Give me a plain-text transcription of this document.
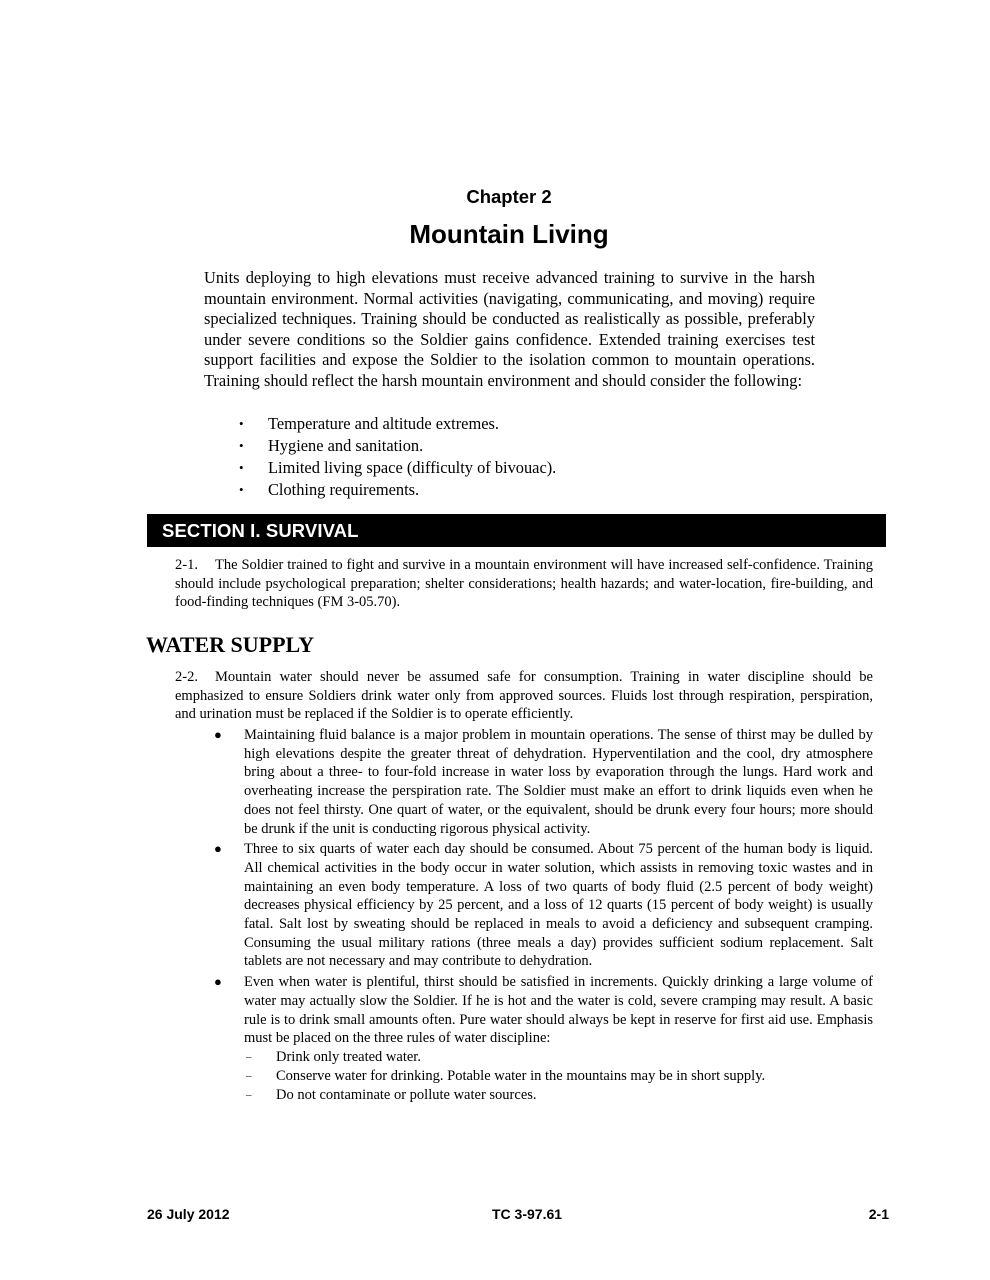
Chapter 2
Mountain Living

Units deploying to high elevations must receive advanced training to survive in the harsh mountain environment. Normal activities (navigating, communicating, and moving) require specialized techniques. Training should be conducted as realistically as possible, preferably under severe conditions so the Soldier gains confidence. Extended training exercises test support facilities and expose the Soldier to the isolation common to mountain operations. Training should reflect the harsh mountain environment and should consider the following:

• Temperature and altitude extremes.
• Hygiene and sanitation.
• Limited living space (difficulty of bivouac).
• Clothing requirements.
SECTION I. SURVIVAL

2-1. The Soldier trained to fight and survive in a mountain environment will have increased self-confidence. Training should include psychological preparation; shelter considerations; health hazards; and water-location, fire-building, and food-finding techniques (FM 3-05.70).

WATER SUPPLY

2-2. Mountain water should never be assumed safe for consumption. Training in water discipline should be emphasized to ensure Soldiers drink water only from approved sources. Fluids lost through respiration, perspiration, and urination must be replaced if the Soldier is to operate efficiently.

● Maintaining fluid balance is a major problem in mountain operations. The sense of thirst may be dulled by high elevations despite the greater threat of dehydration. Hyperventilation and the cool, dry atmosphere bring about a three- to four-fold increase in water loss by evaporation through the lungs. Hard work and overheating increase the perspiration rate. The Soldier must make an effort to drink liquids even when he does not feel thirsty. One quart of water, or the equivalent, should be drunk every four hours; more should be drunk if the unit is conducting rigorous physical activity.
● Three to six quarts of water each day should be consumed. About 75 percent of the human body is liquid. All chemical activities in the body occur in water solution, which assists in removing toxic wastes and in maintaining an even body temperature. A loss of two quarts of body fluid (2.5 percent of body weight) decreases physical efficiency by 25 percent, and a loss of 12 quarts (15 percent of body weight) is usually fatal. Salt lost by sweating should be replaced in meals to avoid a deficiency and subsequent cramping. Consuming the usual military rations (three meals a day) provides sufficient sodium replacement. Salt tablets are not necessary and may contribute to dehydration.
● Even when water is plentiful, thirst should be satisfied in increments. Quickly drinking a large volume of water may actually slow the Soldier. If he is hot and the water is cold, severe cramping may result. A basic rule is to drink small amounts often. Pure water should always be kept in reserve for first aid use. Emphasis must be placed on the three rules of water discipline:
– Drink only treated water.
– Conserve water for drinking. Potable water in the mountains may be in short supply.
– Do not contaminate or pollute water sources.
26 July 2012	TC 3-97.61	2-1
